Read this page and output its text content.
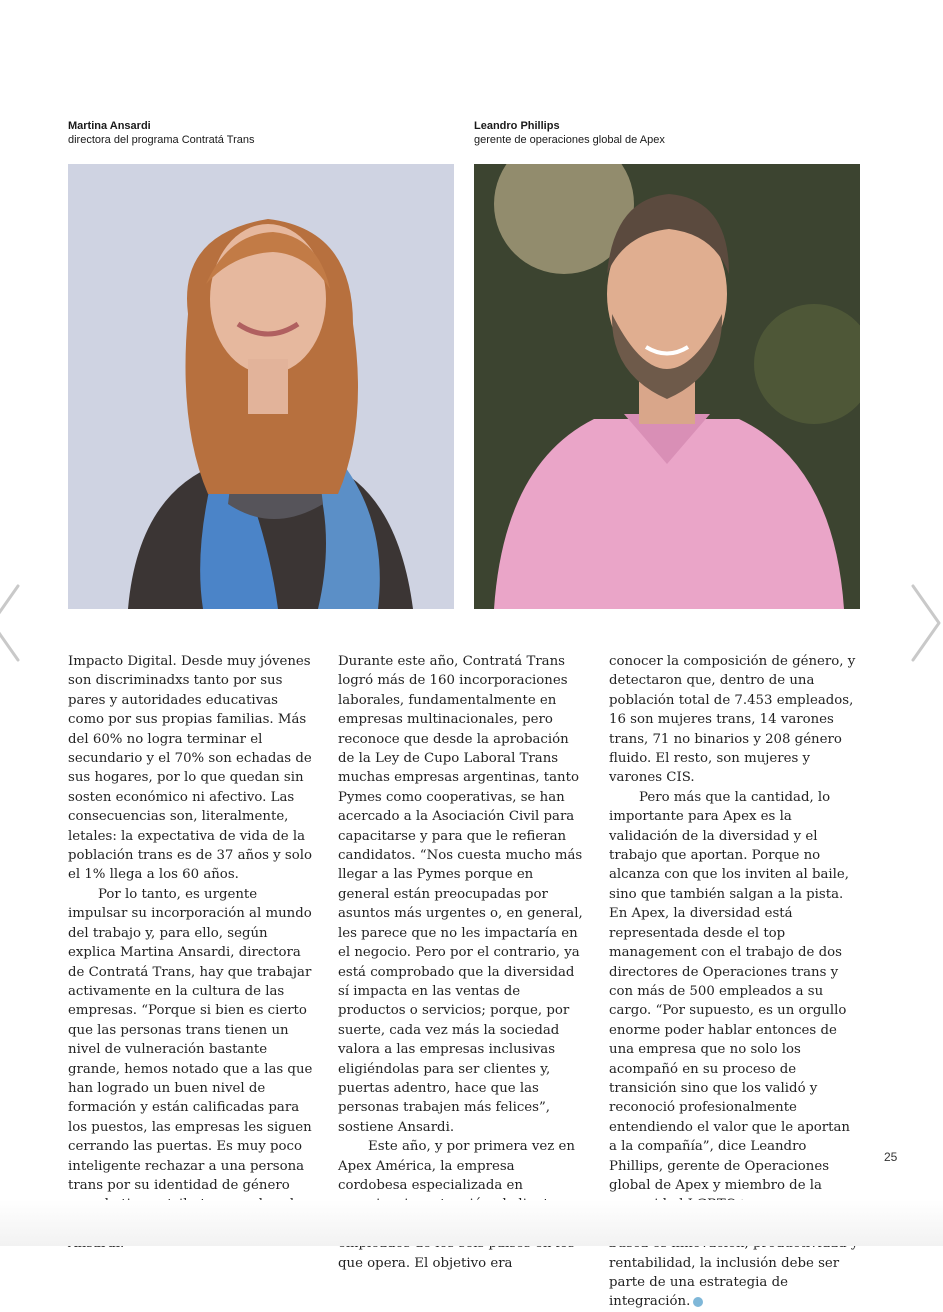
Martina Ansardi
directora del programa Contratá Trans
Leandro Phillips
gerente de operaciones global de Apex

Impacto Digital. Desde muy jóvenes son discriminadxs tanto por sus pares y autoridades educativas como por sus propias familias. Más del 60% no logra terminar el secundario y el 70% son echadas de sus hogares, por lo que quedan sin sosten económico ni afectivo. Las consecuencias son, literalmente, letales: la expectativa de vida de la población trans es de 37 años y solo el 1% llega a los 60 años.

Por lo tanto, es urgente impulsar su incorporación al mundo del trabajo y, para ello, según explica Martina Ansardi, directora de Contratá Trans, hay que trabajar activamente en la cultura de las empresas. “Porque si bien es cierto que las personas trans tienen un nivel de vulneración bastante grande, hemos notado que a las que han logrado un buen nivel de formación y están calificadas para los puestos, las empresas les siguen cerrando las puertas. Es muy poco inteligente rechazar a una persona trans por su identidad de género

Durante este año, Contratá Trans logró más de 160 incorporaciones laborales, fundamentalmente en empresas multinacionales, pero reconoce que desde la aprobación de la Ley de Cupo Laboral Trans muchas empresas argentinas, tanto Pymes como cooperativas, se han acercado a la Asociación Civil para capacitarse y para que le refieran candidatos. “Nos cuesta mucho más llegar a las Pymes porque en general están preocupadas por asuntos más urgentes o, en general, les parece que no les impactaría en el negocio. Pero por el contrario, ya está comprobado que la diversidad sí impacta en las ventas de productos o servicios; porque, por suerte, cada vez más la sociedad valora a las empresas inclusivas eligiéndolas para ser clientes y, puertas adentro, hace que las personas trabajen más felices”, sostiene Ansardi.

Este año, y por primera vez en Apex América, la empresa cordobesa especializada en que opera. El objetivo era

conocer la composición de género, y detectaron que, dentro de una población total de 7.453 empleados, 16 son mujeres trans, 14 varones trans, 71 no binarios y 208 género fluido. El resto, son mujeres y varones CIS.

Pero más que la cantidad, lo importante para Apex es la validación de la diversidad y el trabajo que aportan. Porque no alcanza con que los inviten al baile, sino que también salgan a la pista. En Apex, la diversidad está representada desde el top management con el trabajo de dos directores de Operaciones trans y con más de 500 empleados a su cargo. “Por supuesto, es un orgullo enorme poder hablar entonces de una empresa que no solo los acompañó en su proceso de transición sino que los validó y reconoció profesionalmente entendiendo el valor que le aportan a la compañía”, dice Leandro Phillips, gerente de Operaciones global de Apex y miembro de la

rentabilidad, la inclusión debe ser parte de una estrategia de integración.

25
